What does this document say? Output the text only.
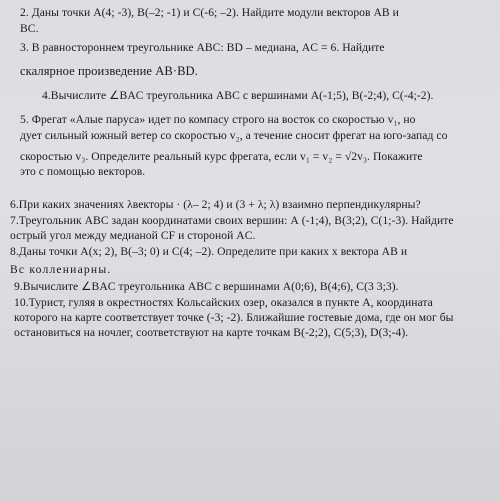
2. Даны точки A(4; -3), B(–2; -1) и C(-6; –2). Найдите модули векторов AB и
BC.
3. В равностороннем треугольнике ABC: BD – медиана, AC = 6. Найдите
скалярное произведение AB·BD.
4.Вычислите ∠BAC треугольника ABC с вершинами A(-1;5), B(-2;4), C(-4;-2).
5. Фрегат «Алые паруса» идет по компасу строго на восток со скоростью v₁, но
дует сильный южный ветер со скоростью v₂, а течение сносит фрегат на юго-запад со
скоростью v₃. Определите реальный курс фрегата, если v₁ = v₂ = √2v₃. Покажите
это с помощью векторов.
6.При каких значениях λвекторы · (λ– 2; 4) и (3 + λ; λ) взаимно перпендикулярны?
7.Треугольник АВС задан координатами своих вершин: А (-1;4), В(3;2), С(1;-3). Найдите
острый угол между медианой CF и стороной AC.
8.Даны точки A(x; 2), B(–3; 0) и C(4; –2). Определите при каких x вектора AB и
Вс коллениарны.
9.Вычислите ∠BAC треугольника ABC с вершинами A(0;6), B(4;6), C(3 3;3).
10.Турист, гуляя в окрестностях Кольсайских озер, оказался в пункте А, координата
которого на карте соответствует точке (-3; -2). Ближайшие гостевые дома, где он мог бы
остановиться на ночлег, соответствуют на карте точкам В(-2;2), С(5;3), D(3;-4).
